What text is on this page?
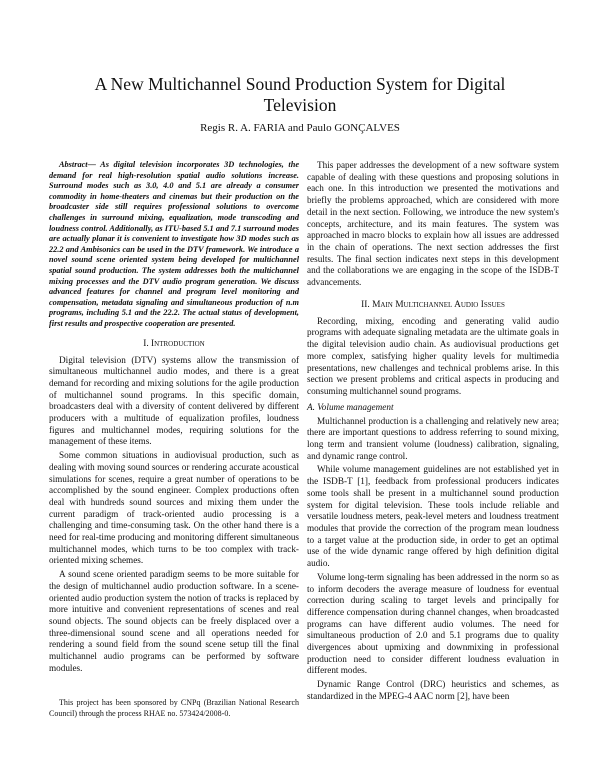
A New Multichannel Sound Production System for Digital Television
Regis R. A. FARIA and Paulo GONÇALVES

Abstract— As digital television incorporates 3D technologies, the demand for real high-resolution spatial audio solutions increase. Surround modes such as 3.0, 4.0 and 5.1 are already a consumer commodity in home-theaters and cinemas but their production on the broadcaster side still requires professional solutions to overcome challenges in surround mixing, equalization, mode transcoding and loudness control. Additionally, as ITU-based 5.1 and 7.1 surround modes are actually planar it is convenient to investigate how 3D modes such as 22.2 and Ambisonics can be used in the DTV framework. We introduce a novel sound scene oriented system being developed for multichannel spatial sound production. The system addresses both the multichannel mixing processes and the DTV audio program generation. We discuss advanced features for channel and program level monitoring and compensation, metadata signaling and simultaneous production of n.m programs, including 5.1 and the 22.2. The actual status of development, first results and prospective cooperation are presented.

I. Introduction

Digital television (DTV) systems allow the transmission of simultaneous multichannel audio modes, and there is a great demand for recording and mixing solutions for the agile production of multichannel sound programs. In this specific domain, broadcasters deal with a diversity of content delivered by different producers with a multitude of equalization profiles, loudness figures and multichannel modes, requiring solutions for the management of these items.

Some common situations in audiovisual production, such as dealing with moving sound sources or rendering accurate acoustical simulations for scenes, require a great number of operations to be accomplished by the sound engineer. Complex productions often deal with hundreds sound sources and mixing them under the current paradigm of track-oriented audio processing is a challenging and time-consuming task. On the other hand there is a need for real-time producing and monitoring different simultaneous multichannel modes, which turns to be too complex with track-oriented mixing schemes.

A sound scene oriented paradigm seems to be more suitable for the design of multichannel audio production software. In a scene-oriented audio production system the notion of tracks is replaced by more intuitive and convenient representations of scenes and real sound objects. The sound objects can be freely displaced over a three-dimensional sound scene and all operations needed for rendering a sound field from the sound scene setup till the final multichannel audio programs can be performed by software modules.

This project has been sponsored by CNPq (Brazilian National Research Council) through the process RHAE no. 573424/2008-0.

This paper addresses the development of a new software system capable of dealing with these questions and proposing solutions in each one. In this introduction we presented the motivations and briefly the problems approached, which are considered with more detail in the next section. Following, we introduce the new system's concepts, architecture, and its main features. The system was approached in macro blocks to explain how all issues are addressed in the chain of operations. The next section addresses the first results. The final section indicates next steps in this development and the collaborations we are engaging in the scope of the ISDB-T advancements.

II. Main Multichannel Audio Issues

Recording, mixing, encoding and generating valid audio programs with adequate signaling metadata are the ultimate goals in the digital television audio chain. As audiovisual productions get more complex, satisfying higher quality levels for multimedia presentations, new challenges and technical problems arise. In this section we present problems and critical aspects in producing and consuming multichannel sound programs.

A. Volume management

Multichannel production is a challenging and relatively new area; there are important questions to address referring to sound mixing, long term and transient volume (loudness) calibration, signaling, and dynamic range control.

While volume management guidelines are not established yet in the ISDB-T [1], feedback from professional producers indicates some tools shall be present in a multichannel sound production system for digital television. These tools include reliable and versatile loudness meters, peak-level meters and loudness treatment modules that provide the correction of the program mean loudness to a target value at the production side, in order to get an optimal use of the wide dynamic range offered by high definition digital audio.

Volume long-term signaling has been addressed in the norm so as to inform decoders the average measure of loudness for eventual correction during scaling to target levels and principally for difference compensation during channel changes, when broadcasted programs can have different audio volumes. The need for simultaneous production of 2.0 and 5.1 programs due to quality divergences about upmixing and downmixing in professional production need to consider different loudness evaluation in different modes.

Dynamic Range Control (DRC) heuristics and schemes, as standardized in the MPEG-4 AAC norm [2], have been
